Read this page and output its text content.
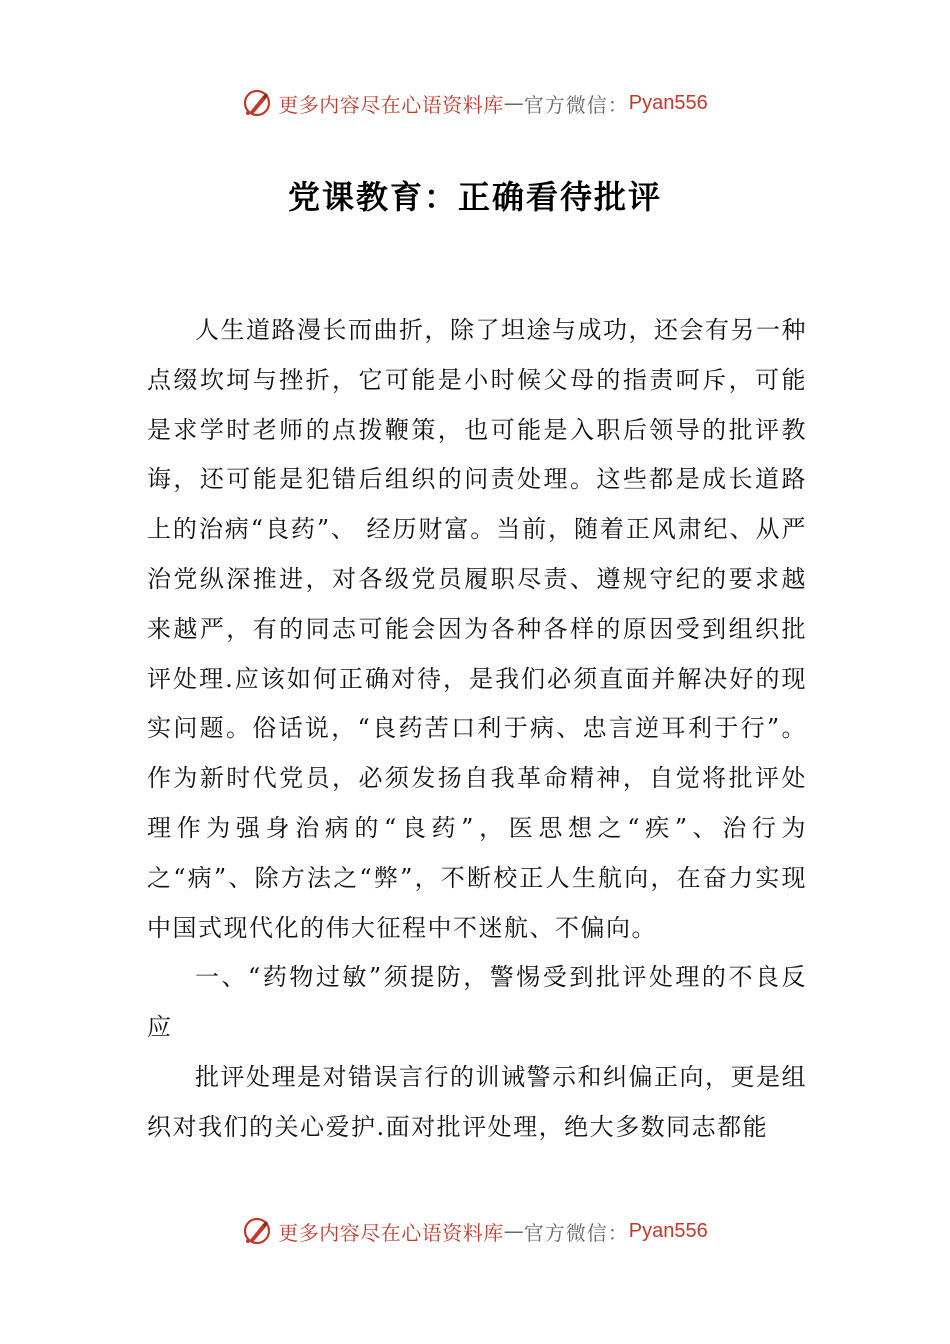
更多内容尽在心语资料库 — 官方微信： Pyan556
党课教育：正确看待批评

人生道路漫长而曲折，除了坦途与成功，还会有另一种点缀坎坷与挫折，它可能是小时候父母的指责呵斥，可能是求学时老师的点拨鞭策，也可能是入职后领导的批评教诲，还可能是犯错后组织的问责处理。这些都是成长道路上的治病“良药”、 经历财富。当前，随着正风肃纪、从严治党纵深推进，对各级党员履职尽责、遵规守纪的要求越来越严，有的同志可能会因为各种各样的原因受到组织批评处理.应该如何正确对待，是我们必须直面并解决好的现实问题。俗话说，“良药苦口利于病、忠言逆耳利于行”。作为新时代党员，必须发扬自我革命精神，自觉将批评处理作为强身治病的“良药”，医思想之“疾”、治行为之“病”、除方法之“弊”，不断校正人生航向，在奋力实现中国式现代化的伟大征程中不迷航、不偏向。

一、“药物过敏”须提防，警惕受到批评处理的不良反应

批评处理是对错误言行的训诫警示和纠偏正向，更是组织对我们的关心爱护.面对批评处理，绝大多数同志都能

更多内容尽在心语资料库 — 官方微信： Pyan556
